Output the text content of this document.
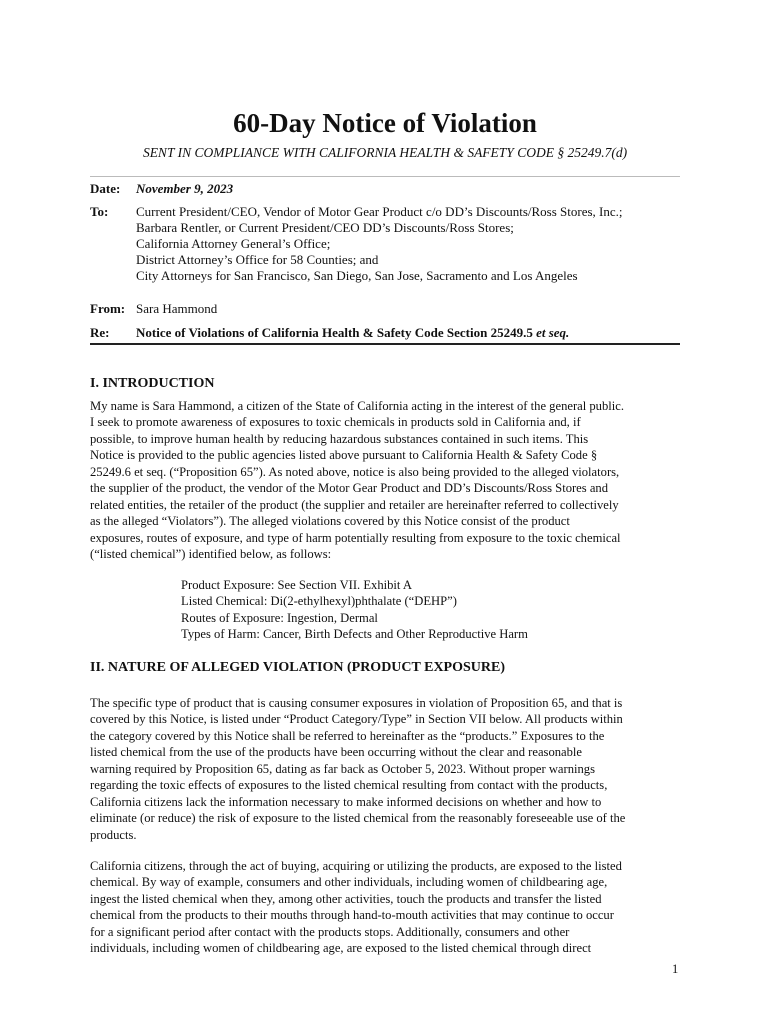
60-Day Notice of Violation
SENT IN COMPLIANCE WITH CALIFORNIA HEALTH & SAFETY CODE § 25249.7(d)
Date: November 9, 2023
To: Current President/CEO, Vendor of Motor Gear Product c/o DD’s Discounts/Ross Stores, Inc.;
Barbara Rentler, or Current President/CEO DD’s Discounts/Ross Stores;
California Attorney General’s Office;
District Attorney’s Office for 58 Counties; and
City Attorneys for San Francisco, San Diego, San Jose, Sacramento and Los Angeles
From: Sara Hammond
Re: Notice of Violations of California Health & Safety Code Section 25249.5 et seq.
I. INTRODUCTION
My name is Sara Hammond, a citizen of the State of California acting in the interest of the general public.
I seek to promote awareness of exposures to toxic chemicals in products sold in California and, if
possible, to improve human health by reducing hazardous substances contained in such items. This
Notice is provided to the public agencies listed above pursuant to California Health & Safety Code §
25249.6 et seq. (“Proposition 65”). As noted above, notice is also being provided to the alleged violators,
the supplier of the product, the vendor of the Motor Gear Product and DD’s Discounts/Ross Stores and
related entities, the retailer of the product (the supplier and retailer are hereinafter referred to collectively
as the alleged “Violators”). The alleged violations covered by this Notice consist of the product
exposures, routes of exposure, and type of harm potentially resulting from exposure to the toxic chemical
(“listed chemical”) identified below, as follows:
Product Exposure: See Section VII. Exhibit A
Listed Chemical: Di(2-ethylhexyl)phthalate (“DEHP”)
Routes of Exposure: Ingestion, Dermal
Types of Harm: Cancer, Birth Defects and Other Reproductive Harm
II. NATURE OF ALLEGED VIOLATION (PRODUCT EXPOSURE)
The specific type of product that is causing consumer exposures in violation of Proposition 65, and that is
covered by this Notice, is listed under “Product Category/Type” in Section VII below. All products within
the category covered by this Notice shall be referred to hereinafter as the “products.” Exposures to the
listed chemical from the use of the products have been occurring without the clear and reasonable
warning required by Proposition 65, dating as far back as October 5, 2023. Without proper warnings
regarding the toxic effects of exposures to the listed chemical resulting from contact with the products,
California citizens lack the information necessary to make informed decisions on whether and how to
eliminate (or reduce) the risk of exposure to the listed chemical from the reasonably foreseeable use of the
products.
California citizens, through the act of buying, acquiring or utilizing the products, are exposed to the listed
chemical. By way of example, consumers and other individuals, including women of childbearing age,
ingest the listed chemical when they, among other activities, touch the products and transfer the listed
chemical from the products to their mouths through hand-to-mouth activities that may continue to occur
for a significant period after contact with the products stops. Additionally, consumers and other
individuals, including women of childbearing age, are exposed to the listed chemical through direct
1
